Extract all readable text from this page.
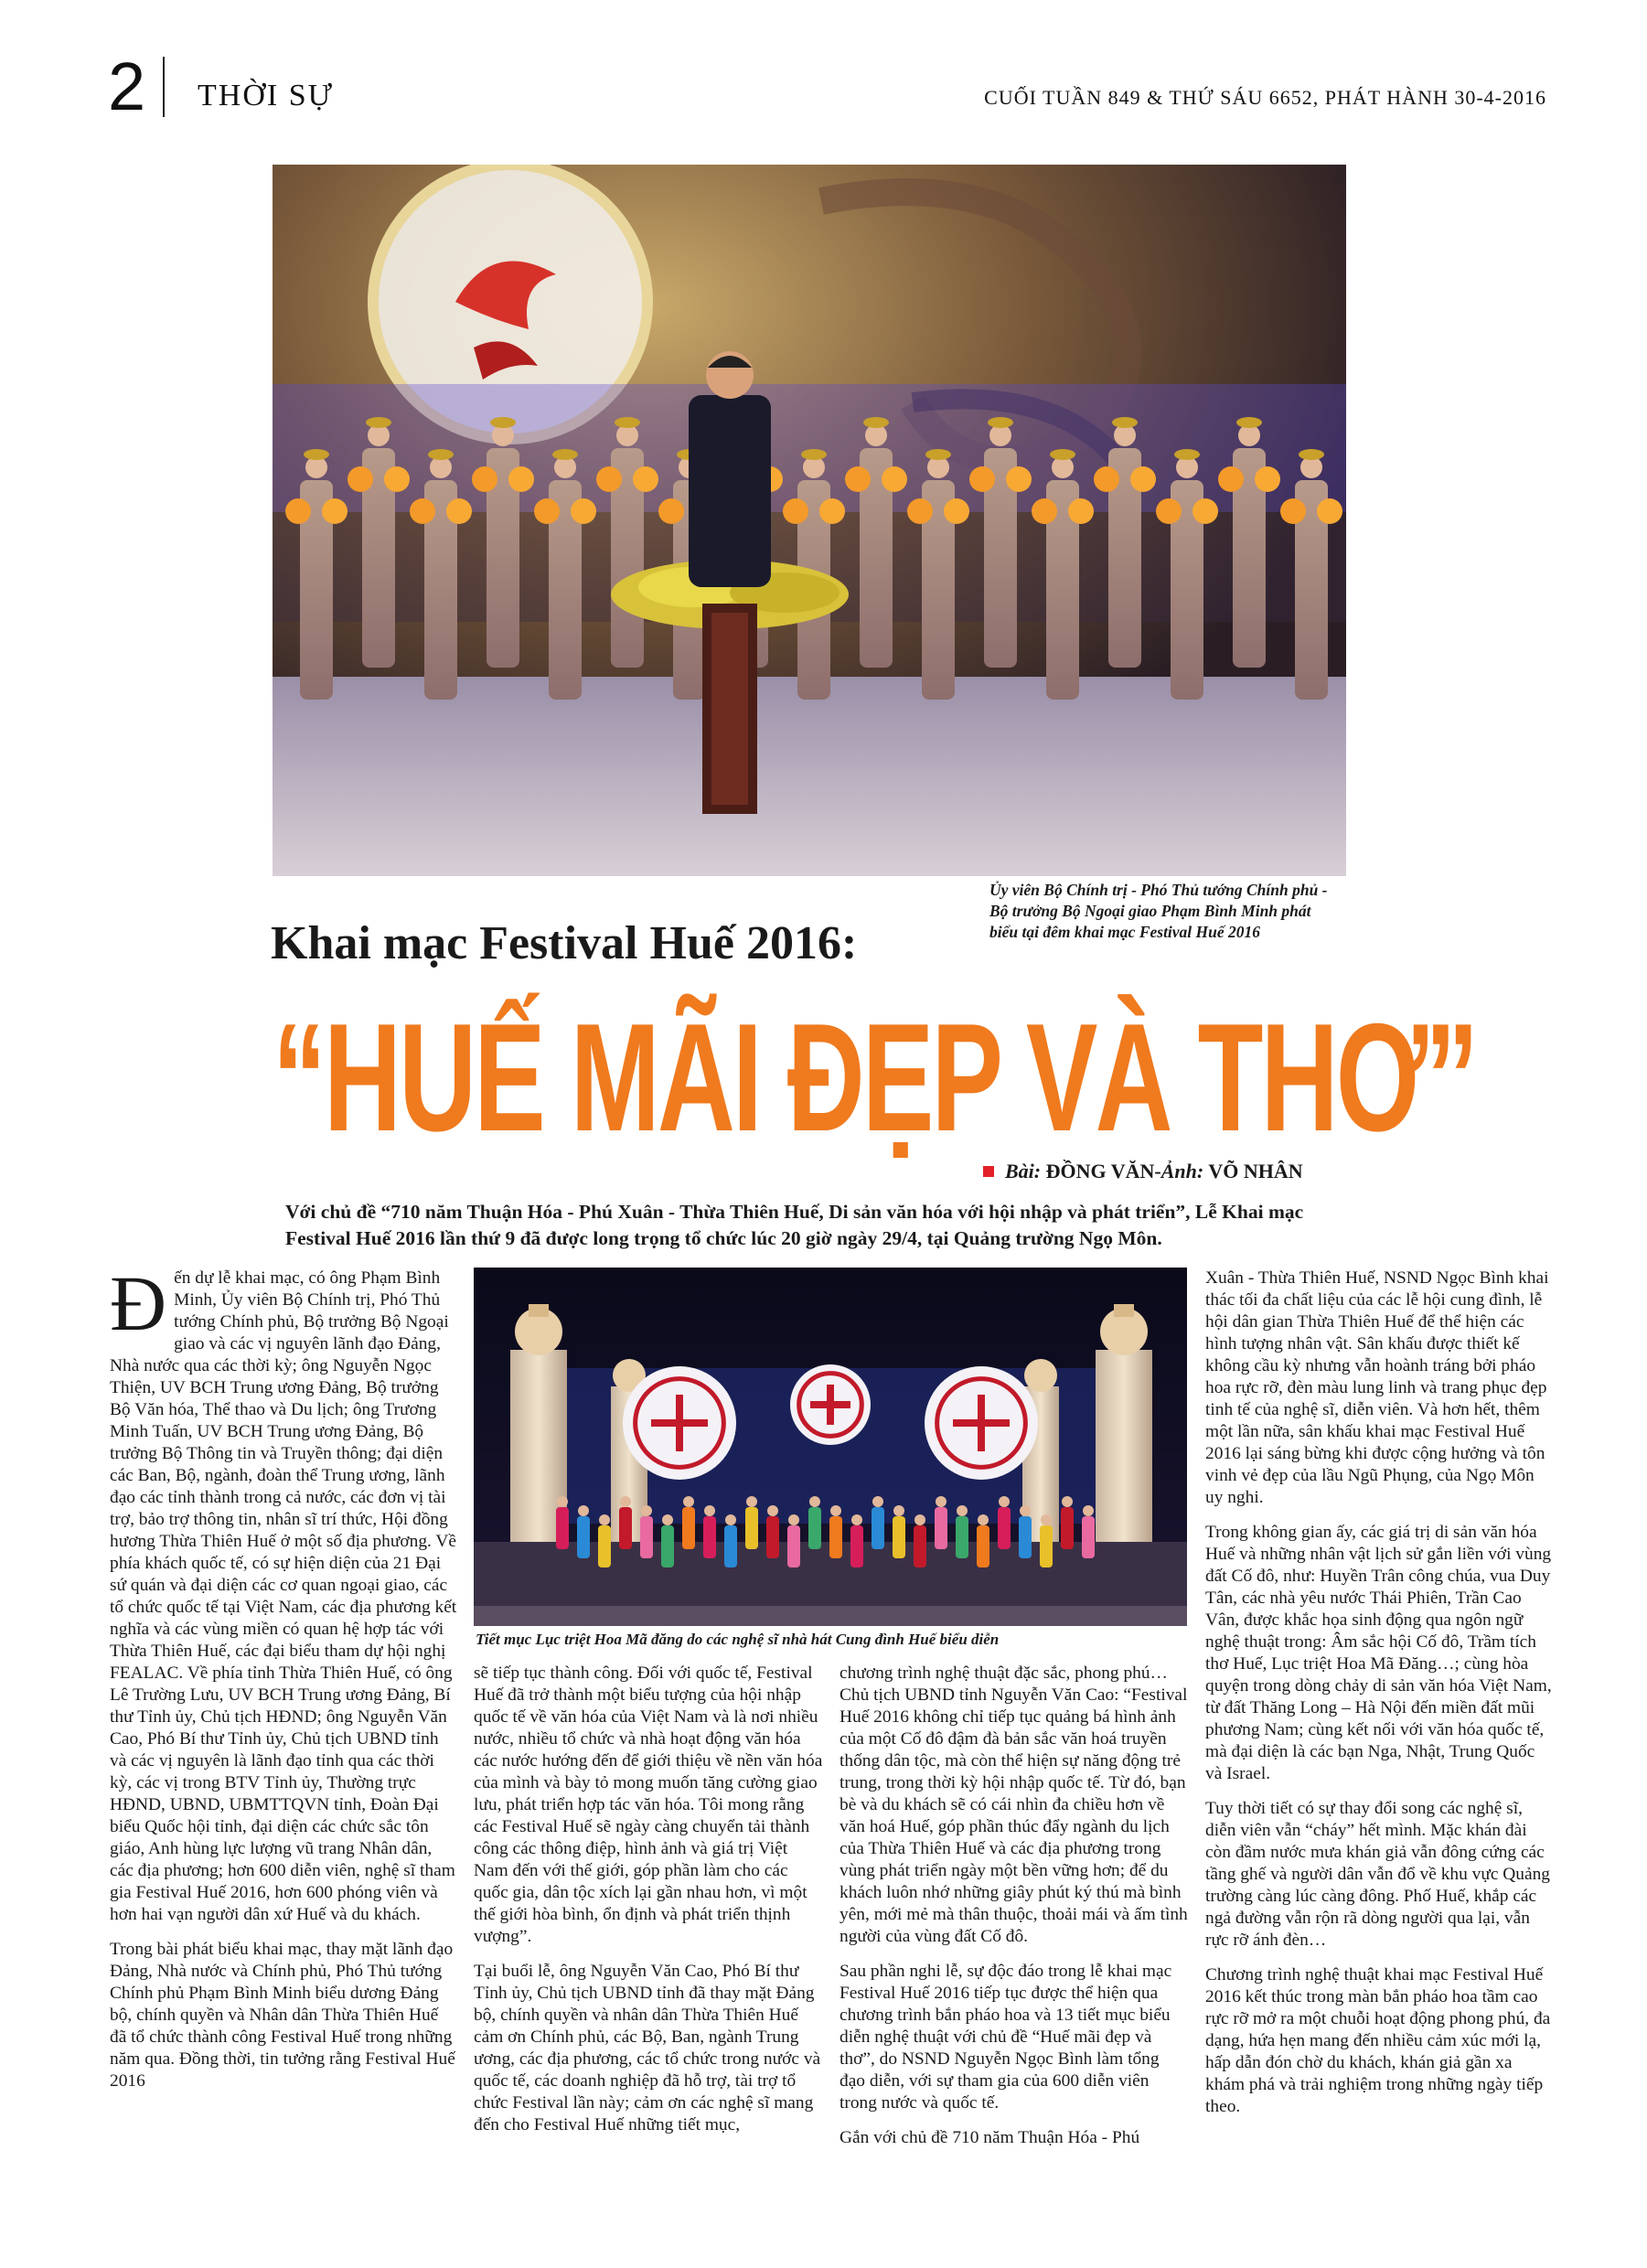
2 THỜI SỰ	CUỐI TUẦN 849 & THỨ SÁU 6652, PHÁT HÀNH 30-4-2016
Ủy viên Bộ Chính trị - Phó Thủ tướng Chính phủ - Bộ trưởng Bộ Ngoại giao Phạm Bình Minh phát biểu tại đêm khai mạc Festival Huế 2016
Khai mạc Festival Huế 2016:
“HUẾ MÃI ĐẸP VÀ THƠ”
Bài: ĐỒNG VĂN-Ảnh: VÕ NHÂN
Với chủ đề “710 năm Thuận Hóa - Phú Xuân - Thừa Thiên Huế, Di sản văn hóa với hội nhập và phát triển”, Lễ Khai mạc Festival Huế 2016 lần thứ 9 đã được long trọng tổ chức lúc 20 giờ ngày 29/4, tại Quảng trường Ngọ Môn.

Đến dự lễ khai mạc, có ông Phạm Bình Minh, Ủy viên Bộ Chính trị, Phó Thủ tướng Chính phủ, Bộ trưởng Bộ Ngoại giao và các vị nguyên lãnh đạo Đảng, Nhà nước qua các thời kỳ; ông Nguyễn Ngọc Thiện, UV BCH Trung ương Đảng, Bộ trưởng Bộ Văn hóa, Thể thao và Du lịch; ông Trương Minh Tuấn, UV BCH Trung ương Đảng, Bộ trưởng Bộ Thông tin và Truyền thông; đại diện các Ban, Bộ, ngành, đoàn thể Trung ương, lãnh đạo các tỉnh thành trong cả nước, các đơn vị tài trợ, bảo trợ thông tin, nhân sĩ trí thức, Hội đồng hương Thừa Thiên Huế ở một số địa phương. Về phía khách quốc tế, có sự hiện diện của 21 Đại sứ quán và đại diện các cơ quan ngoại giao, các tổ chức quốc tế tại Việt Nam, các địa phương kết nghĩa và các vùng miền có quan hệ hợp tác với Thừa Thiên Huế, các đại biểu tham dự hội nghị FEALAC. Về phía tỉnh Thừa Thiên Huế, có ông Lê Trường Lưu, UV BCH Trung ương Đảng, Bí thư Tỉnh ủy, Chủ tịch HĐND; ông Nguyễn Văn Cao, Phó Bí thư Tỉnh ủy, Chủ tịch UBND tỉnh và các vị nguyên là lãnh đạo tỉnh qua các thời kỳ, các vị trong BTV Tỉnh ủy, Thường trực HĐND, UBND, UBMTTQVN tỉnh, Đoàn Đại biểu Quốc hội tỉnh, đại diện các chức sắc tôn giáo, Anh hùng lực lượng vũ trang Nhân dân, các địa phương; hơn 600 diễn viên, nghệ sĩ tham gia Festival Huế 2016, hơn 600 phóng viên và hơn hai vạn người dân xứ Huế và du khách.

Trong bài phát biểu khai mạc, thay mặt lãnh đạo Đảng, Nhà nước và Chính phủ, Phó Thủ tướng Chính phủ Phạm Bình Minh biểu dương Đảng bộ, chính quyền và Nhân dân Thừa Thiên Huế đã tổ chức thành công Festival Huế trong những năm qua. Đồng thời, tin tưởng rằng Festival Huế 2016

Tiết mục Lục triệt Hoa Mã đăng do các nghệ sĩ nhà hát Cung đình Huế biểu diễn

sẽ tiếp tục thành công. Đối với quốc tế, Festival Huế đã trở thành một biểu tượng của hội nhập quốc tế về văn hóa của Việt Nam và là nơi nhiều nước, nhiều tổ chức và nhà hoạt động văn hóa các nước hướng đến để giới thiệu về nền văn hóa của mình và bày tỏ mong muốn tăng cường giao lưu, phát triển hợp tác văn hóa. Tôi mong rằng các Festival Huế sẽ ngày càng chuyển tải thành công các thông điệp, hình ảnh và giá trị Việt Nam đến với thế giới, góp phần làm cho các quốc gia, dân tộc xích lại gần nhau hơn, vì một thế giới hòa bình, ổn định và phát triển thịnh vượng”.

Tại buổi lễ, ông Nguyễn Văn Cao, Phó Bí thư Tỉnh ủy, Chủ tịch UBND tỉnh đã thay mặt Đảng bộ, chính quyền và nhân dân Thừa Thiên Huế cảm ơn Chính phủ, các Bộ, Ban, ngành Trung ương, các địa phương, các tổ chức trong nước và quốc tế, các doanh nghiệp đã hỗ trợ, tài trợ tổ chức Festival lần này; cảm ơn các nghệ sĩ mang đến cho Festival Huế những tiết mục,

chương trình nghệ thuật đặc sắc, phong phú… Chủ tịch UBND tỉnh Nguyễn Văn Cao: “Festival Huế 2016 không chỉ tiếp tục quảng bá hình ảnh của một Cố đô đậm đà bản sắc văn hoá truyền thống dân tộc, mà còn thể hiện sự năng động trẻ trung, trong thời kỳ hội nhập quốc tế. Từ đó, bạn bè và du khách sẽ có cái nhìn đa chiều hơn về văn hoá Huế, góp phần thúc đẩy ngành du lịch của Thừa Thiên Huế và các địa phương trong vùng phát triển ngày một bền vững hơn; để du khách luôn nhớ những giây phút ký thú mà bình yên, mới mẻ mà thân thuộc, thoải mái và ấm tình người của vùng đất Cố đô.

Sau phần nghi lễ, sự độc đáo trong lễ khai mạc Festival Huế 2016 tiếp tục được thể hiện qua chương trình bắn pháo hoa và 13 tiết mục biểu diễn nghệ thuật với chủ đề “Huế mãi đẹp và thơ”, do NSND Nguyễn Ngọc Bình làm tổng đạo diễn, với sự tham gia của 600 diễn viên trong nước và quốc tế.

Gắn với chủ đề 710 năm Thuận Hóa - Phú

Xuân - Thừa Thiên Huế, NSND Ngọc Bình khai thác tối đa chất liệu của các lễ hội cung đình, lễ hội dân gian Thừa Thiên Huế để thể hiện các hình tượng nhân vật. Sân khấu được thiết kế không cầu kỳ nhưng vẫn hoành tráng bởi pháo hoa rực rỡ, đèn màu lung linh và trang phục đẹp tinh tế của nghệ sĩ, diễn viên. Và hơn hết, thêm một lần nữa, sân khấu khai mạc Festival Huế 2016 lại sáng bừng khi được cộng hưởng và tôn vinh vẻ đẹp của lầu Ngũ Phụng, của Ngọ Môn uy nghi.

Trong không gian ấy, các giá trị di sản văn hóa Huế và những nhân vật lịch sử gắn liền với vùng đất Cố đô, như: Huyền Trân công chúa, vua Duy Tân, các nhà yêu nước Thái Phiên, Trần Cao Vân, được khắc họa sinh động qua ngôn ngữ nghệ thuật trong: Âm sắc hội Cố đô, Trầm tích thơ Huế, Lục triệt Hoa Mã Đăng…; cùng hòa quyện trong dòng chảy di sản văn hóa Việt Nam, từ đất Thăng Long – Hà Nội đến miền đất mũi phương Nam; cùng kết nối với văn hóa quốc tế, mà đại diện là các bạn Nga, Nhật, Trung Quốc và Israel.

Tuy thời tiết có sự thay đổi song các nghệ sĩ, diễn viên vẫn “cháy” hết mình. Mặc khán đài còn đầm nước mưa khán giả vẫn đông cứng các tầng ghế và người dân vẫn đổ về khu vực Quảng trường càng lúc càng đông. Phố Huế, khắp các ngả đường vẫn rộn rã dòng người qua lại, vẫn rực rỡ ánh đèn…

Chương trình nghệ thuật khai mạc Festival Huế 2016 kết thúc trong màn bắn pháo hoa tầm cao rực rỡ mở ra một chuỗi hoạt động phong phú, đa dạng, hứa hẹn mang đến nhiều cảm xúc mới lạ, hấp dẫn đón chờ du khách, khán giả gần xa khám phá và trải nghiệm trong những ngày tiếp theo.
